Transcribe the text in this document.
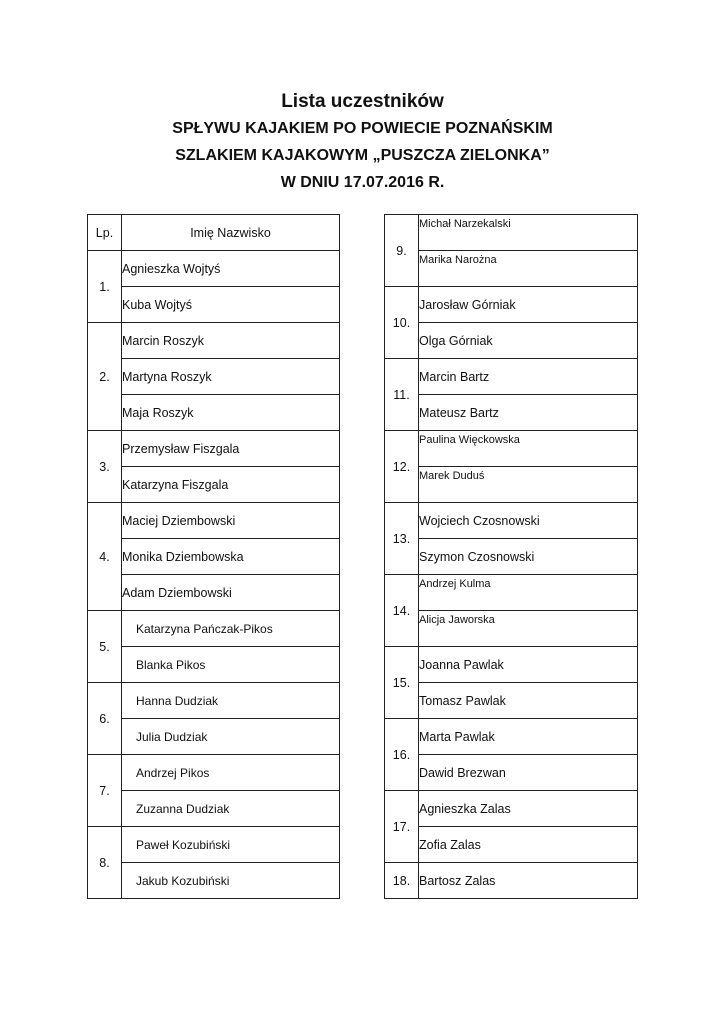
Lista uczestników
SPŁYWU KAJAKIEM PO POWIECIE POZNAŃSKIM
SZLAKIEM KAJAKOWYM „PUSZCZA ZIELONKA”
W DNIU 17.07.2016 R.
Lp.	Imię Nazwisko
1.	Agnieszka Wojtyś
	Kuba Wojtyś
2.	Marcin Roszyk
	Martyna Roszyk
	Maja Roszyk
3.	Przemysław Fiszgala
	Katarzyna Fiszgala
4.	Maciej Dziembowski
	Monika Dziembowska
	Adam Dziembowski
5.	Katarzyna Pańczak-Pikos
	Blanka Pikos
6.	Hanna Dudziak
	Julia Dudziak
7.	Andrzej Pikos
	Zuzanna Dudziak
8.	Paweł Kozubiński
	Jakub Kozubiński
9.	Michał Narzekalski
	Marika Narożna
10.	Jarosław Górniak
	Olga Górniak
11.	Marcin Bartz
	Mateusz Bartz
12.	Paulina Więckowska
	Marek Duduś
13.	Wojciech Czosnowski
	Szymon Czosnowski
14.	Andrzej Kulma
	Alicja Jaworska
15.	Joanna Pawlak
	Tomasz Pawlak
16.	Marta Pawlak
	Dawid Brezwan
17.	Agnieszka Zalas
	Zofia Zalas
18.	Bartosz Zalas
